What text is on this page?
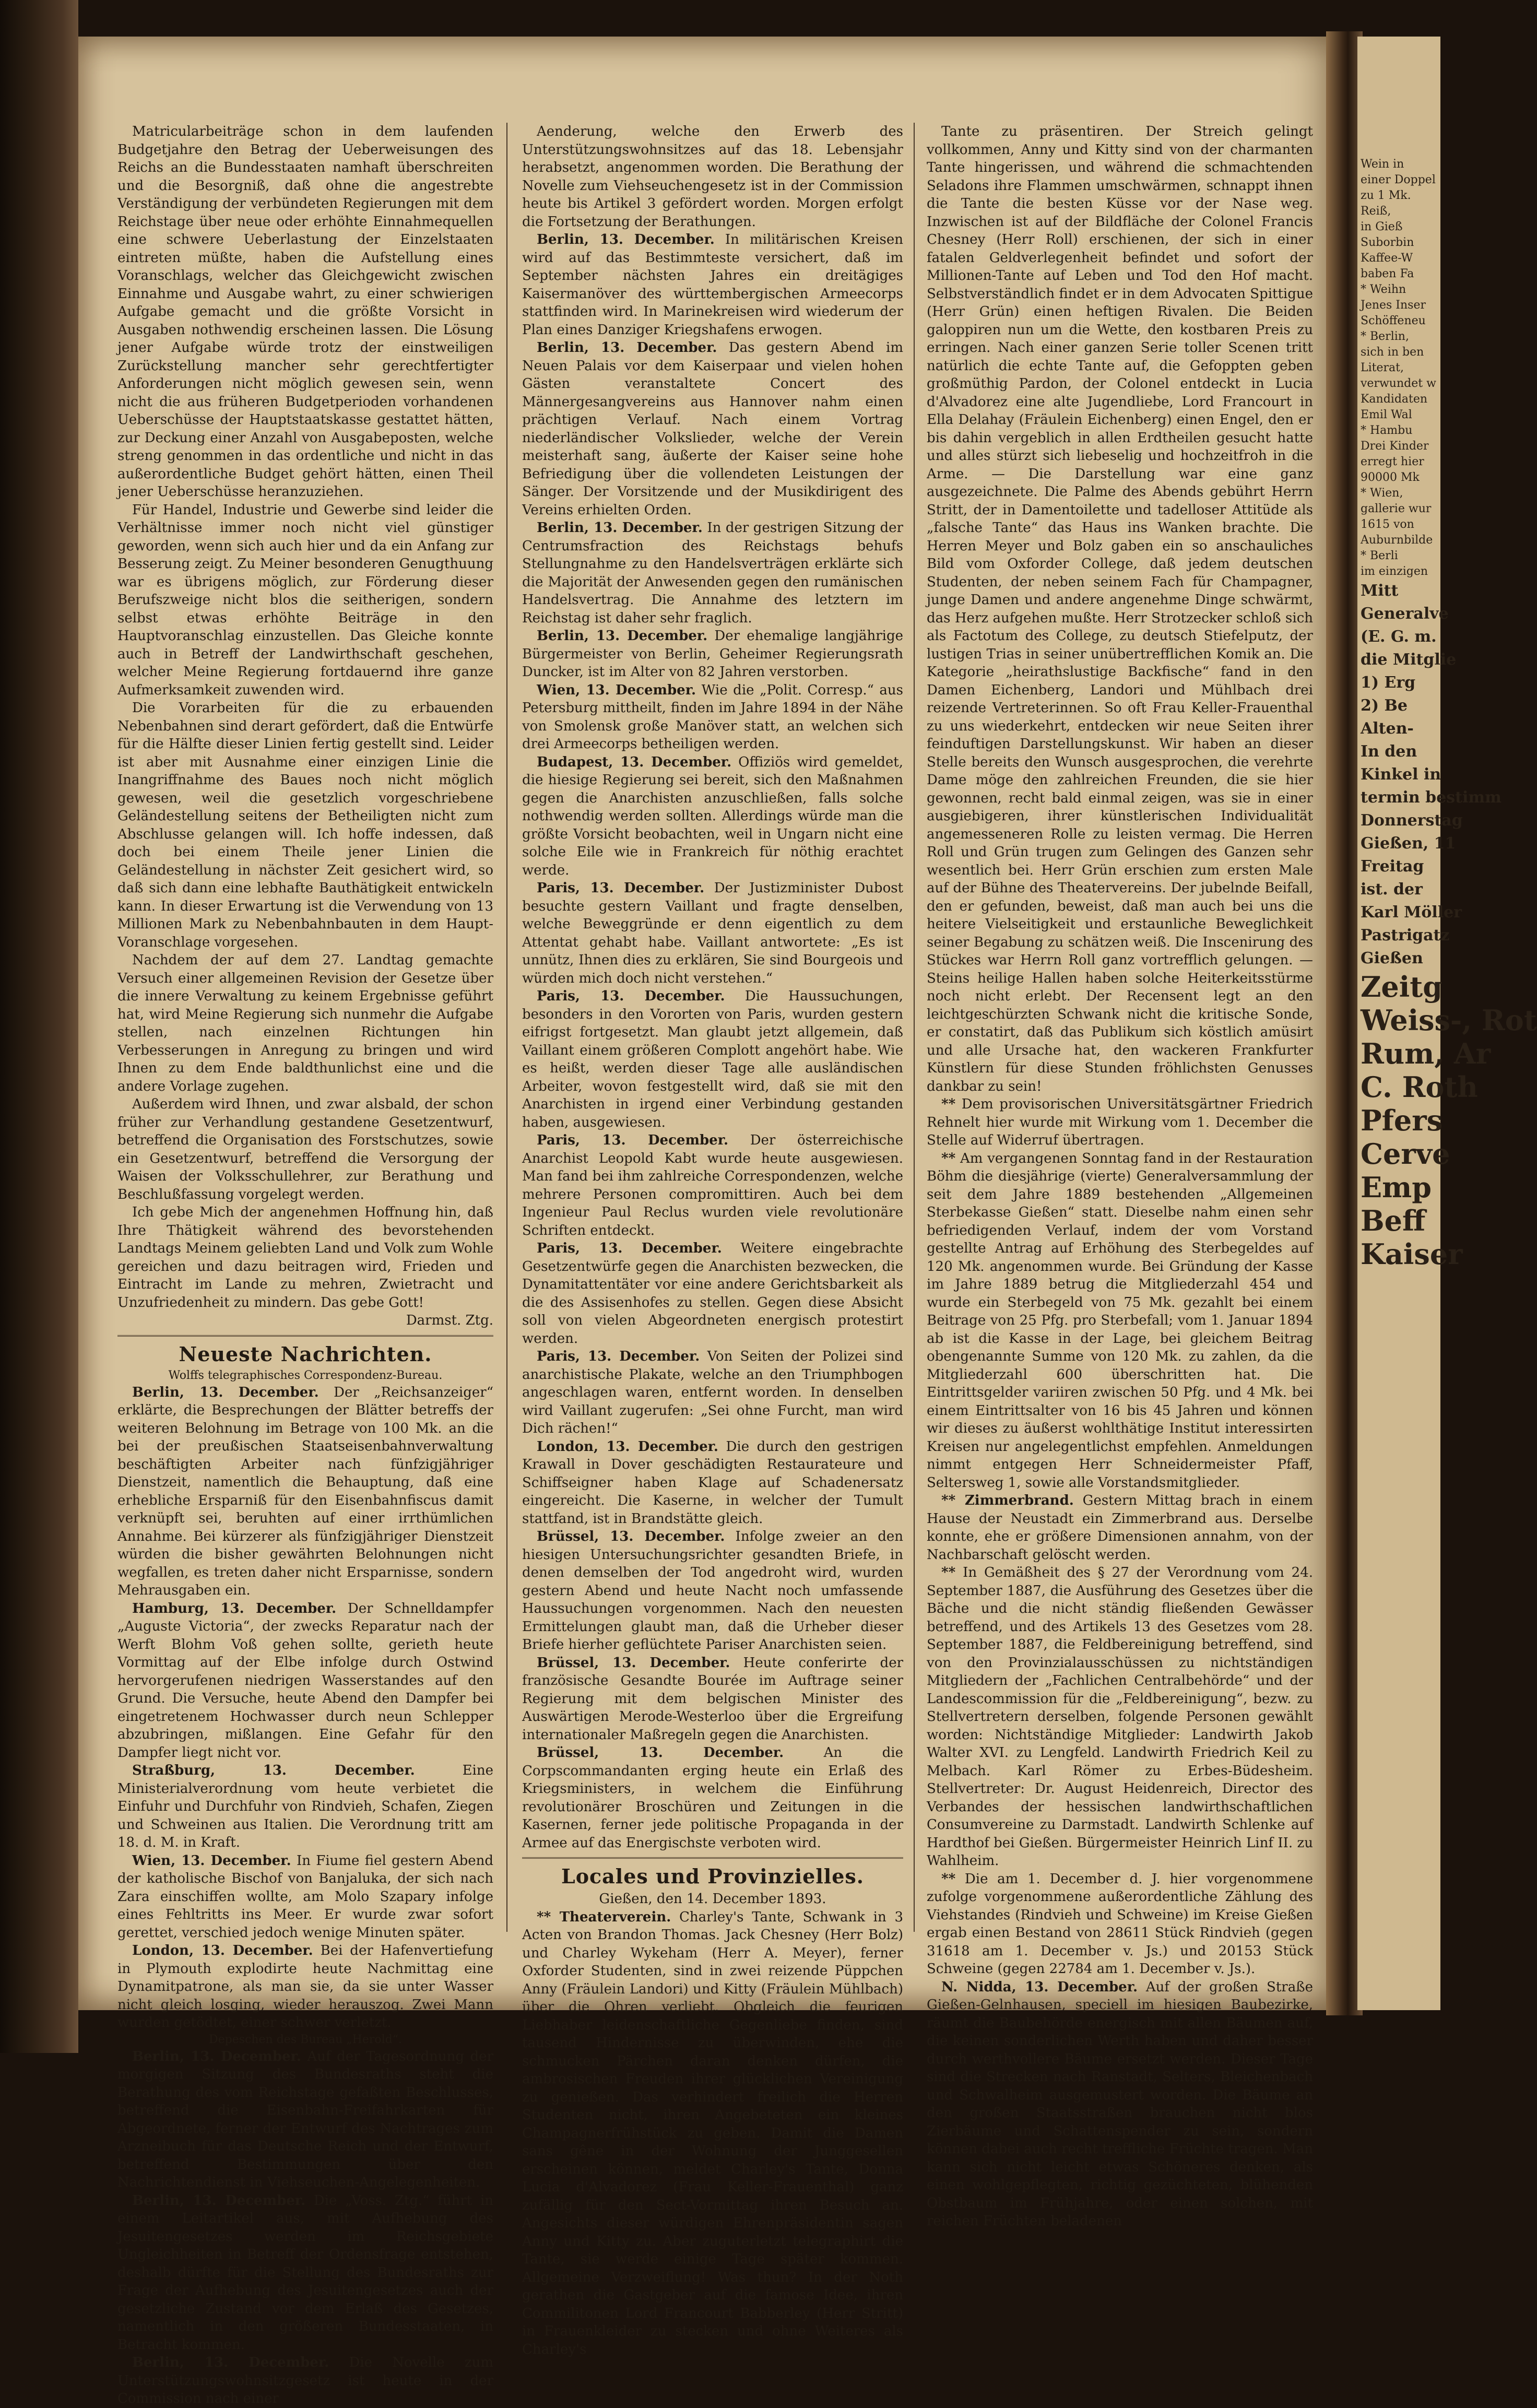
Matricularbeiträge schon in dem laufenden Budgetjahre den Betrag der Ueberweisungen des Reichs an die Bundesstaaten namhaft überschreiten und die Besorgniß, daß ohne die angestrebte Verständigung der verbündeten Regierungen mit dem Reichstage über neue oder erhöhte Einnahmequellen eine schwere Ueberlastung der Einzelstaaten eintreten müßte, haben die Aufstellung eines Voranschlags, welcher das Gleichgewicht zwischen Einnahme und Ausgabe wahrt, zu einer schwierigen Aufgabe gemacht und die größte Vorsicht in Ausgaben nothwendig erscheinen lassen. Die Lösung jener Aufgabe würde trotz der einstweiligen Zurückstellung mancher sehr gerechtfertigter Anforderungen nicht möglich gewesen sein, wenn nicht die aus früheren Budgetperioden vorhandenen Ueberschüsse der Hauptstaatskasse gestattet hätten, zur Deckung einer Anzahl von Ausgabeposten, welche streng genommen in das ordentliche und nicht in das außerordentliche Budget gehört hätten, einen Theil jener Ueberschüsse heranzuziehen.

Für Handel, Industrie und Gewerbe sind leider die Verhältnisse immer noch nicht viel günstiger geworden, wenn sich auch hier und da ein Anfang zur Besserung zeigt. Zu Meiner besonderen Genugthuung war es übrigens möglich, zur Förderung dieser Berufszweige nicht blos die seitherigen, sondern selbst etwas erhöhte Beiträge in den Hauptvoranschlag einzustellen. Das Gleiche konnte auch in Betreff der Landwirthschaft geschehen, welcher Meine Regierung fortdauernd ihre ganze Aufmerksamkeit zuwenden wird.

Die Vorarbeiten für die zu erbauenden Nebenbahnen sind derart gefördert, daß die Entwürfe für die Hälfte dieser Linien fertig gestellt sind. Leider ist aber mit Ausnahme einer einzigen Linie die Inangriffnahme des Baues noch nicht möglich gewesen, weil die gesetzlich vorgeschriebene Geländestellung seitens der Betheiligten nicht zum Abschlusse gelangen will. Ich hoffe indessen, daß doch bei einem Theile jener Linien die Geländestellung in nächster Zeit gesichert wird, so daß sich dann eine lebhafte Bauthätigkeit entwickeln kann. In dieser Erwartung ist die Verwendung von 13 Millionen Mark zu Nebenbahnbauten in dem Haupt-Voranschlage vorgesehen.

Nachdem der auf dem 27. Landtag gemachte Versuch einer allgemeinen Revision der Gesetze über die innere Verwaltung zu keinem Ergebnisse geführt hat, wird Meine Regierung sich nunmehr die Aufgabe stellen, nach einzelnen Richtungen hin Verbesserungen in Anregung zu bringen und wird Ihnen zu dem Ende baldthunlichst eine und die andere Vorlage zugehen.

Außerdem wird Ihnen, und zwar alsbald, der schon früher zur Verhandlung gestandene Gesetzentwurf, betreffend die Organisation des Forstschutzes, sowie ein Gesetzentwurf, betreffend die Versorgung der Waisen der Volksschullehrer, zur Berathung und Beschlußfassung vorgelegt werden.

Ich gebe Mich der angenehmen Hoffnung hin, daß Ihre Thätigkeit während des bevorstehenden Landtags Meinem geliebten Land und Volk zum Wohle gereichen und dazu beitragen wird, Frieden und Eintracht im Lande zu mehren, Zwietracht und Unzufriedenheit zu mindern. Das gebe Gott!

Darmst. Ztg.

Neueste Nachrichten.
Wolffs telegraphisches Correspondenz-Bureau.

Berlin, 13. December. Der „Reichsanzeiger“ erklärte, die Besprechungen der Blätter betreffs der weiteren Belohnung im Betrage von 100 Mk. an die bei der preußischen Staatseisenbahnverwaltung beschäftigten Arbeiter nach fünfzigjähriger Dienstzeit, namentlich die Behauptung, daß eine erhebliche Ersparniß für den Eisenbahnfiscus damit verknüpft sei, beruhten auf einer irrthümlichen Annahme. Bei kürzerer als fünfzigjähriger Dienstzeit würden die bisher gewährten Belohnungen nicht wegfallen, es treten daher nicht Ersparnisse, sondern Mehrausgaben ein.

Hamburg, 13. December. Der Schnelldampfer „Auguste Victoria“, der zwecks Reparatur nach der Werft Blohm Voß gehen sollte, gerieth heute Vormittag auf der Elbe infolge durch Ostwind hervorgerufenen niedrigen Wasserstandes auf den Grund. Die Versuche, heute Abend den Dampfer bei eingetretenem Hochwasser durch neun Schlepper abzubringen, mißlangen. Eine Gefahr für den Dampfer liegt nicht vor.

Straßburg, 13. December.	Eine Ministerialverordnung vom heute verbietet die Einfuhr und Durchfuhr von Rindvieh, Schafen, Ziegen und Schweinen aus Italien. Die Verordnung tritt am 18. d. M. in Kraft.

Wien, 13. December. In Fiume fiel gestern Abend der katholische Bischof von Banjaluka, der sich nach Zara einschiffen wollte, am Molo Szapary infolge eines Fehltritts ins Meer. Er wurde zwar sofort gerettet, verschied jedoch wenige Minuten später.

London, 13. December. Bei der Hafenvertiefung in Plymouth explodirte heute Nachmittag eine Dynamitpatrone, als man sie, da sie unter Wasser nicht gleich losging, wieder herauszog. Zwei Mann wurden getödtet, einer schwer verletzt.

Depeschen des Bureau „Herold“.

Berlin, 13. December. Auf der Tagesordnung der morgigen Sitzung des Bundesraths steht die Berathung des vom Reichstage gefaßten Beschlusses, betreffend die Eisenbahn-Freifahrkarten für Abgeordnete, ferner der Entwurf des Nachtrages zum Arzneibuch für das Deutsche Reich und der Entwurf, betreffend Bestimmungen über den Nachrichtendienst in Viehseuchen-Angelegenheiten.

Berlin, 13. December. Die „Voss. Ztg.“ führt in einem Leitartikel aus, mit Aufhebung des Jesuitengesetzes werden im Reichsgebiete Ungleichheiten in Betreff der Ordensfrage entstehen, deshalb dürfte für die Stellung des Bundesraths zur Frage der Aufhebung des Jesuitengesetzes auch der gesetzliche Zustand vor dem Erlaß des Gesetzes, namentlich in den größeren Bundesstaaten, in Betracht kommen.

Berlin, 13. December. Die Novelle zum Unterstützungswohnsitzgesetz ist heute in der Commission nach einer

Aenderung, welche den Erwerb des Unterstützungswohnsitzes auf das 18. Lebensjahr herabsetzt, angenommen worden. Die Berathung der Novelle zum Viehseuchengesetz ist in der Commission heute bis Artikel 3 gefördert worden. Morgen erfolgt die Fortsetzung der Berathungen.

Berlin, 13. December. In militärischen Kreisen wird auf das Bestimmteste versichert, daß im September nächsten Jahres ein dreitägiges Kaisermanöver des württembergischen Armeecorps stattfinden wird. In Marinekreisen wird wiederum der Plan eines Danziger Kriegshafens erwogen.

Berlin, 13. December. Das gestern Abend im Neuen Palais vor dem Kaiserpaar und vielen hohen Gästen veranstaltete Concert des Männergesangvereins aus Hannover nahm einen prächtigen Verlauf. Nach einem Vortrag niederländischer Volkslieder, welche der Verein meisterhaft sang, äußerte der Kaiser seine hohe Befriedigung über die vollendeten Leistungen der Sänger. Der Vorsitzende und der Musikdirigent des Vereins erhielten Orden.

Berlin, 13. December. In der gestrigen Sitzung der Centrumsfraction des Reichstags behufs Stellungnahme zu den Handelsverträgen erklärte sich die Majorität der Anwesenden gegen den rumänischen Handelsvertrag. Die Annahme des letztern im Reichstag ist daher sehr fraglich.

Berlin, 13. December. Der ehemalige langjährige Bürgermeister von Berlin, Geheimer Regierungsrath Duncker, ist im Alter von 82 Jahren verstorben.

Wien, 13. December. Wie die „Polit. Corresp.“ aus Petersburg mittheilt, finden im Jahre 1894 in der Nähe von Smolensk große Manöver statt, an welchen sich drei Armeecorps betheiligen werden.

Budapest, 13. December. Offiziös wird gemeldet, die hiesige Regierung sei bereit, sich den Maßnahmen gegen die Anarchisten anzuschließen, falls solche nothwendig werden sollten. Allerdings würde man die größte Vorsicht beobachten, weil in Ungarn nicht eine solche Eile wie in Frankreich für nöthig erachtet werde.

Paris, 13. December. Der Justizminister Dubost besuchte gestern Vaillant und fragte denselben, welche Beweggründe er denn eigentlich zu dem Attentat gehabt habe. Vaillant antwortete: „Es ist unnütz, Ihnen dies zu erklären, Sie sind Bourgeois und würden mich doch nicht verstehen.“

Paris, 13. December. Die Haussuchungen, besonders in den Vororten von Paris, wurden gestern eifrigst fortgesetzt. Man glaubt jetzt allgemein, daß Vaillant einem größeren Complott angehört habe. Wie es heißt, werden dieser Tage alle ausländischen Arbeiter, wovon festgestellt wird, daß sie mit den Anarchisten in irgend einer Verbindung gestanden haben, ausgewiesen.

Paris, 13. December. Der österreichische Anarchist Leopold Kabt wurde heute ausgewiesen. Man fand bei ihm zahlreiche Correspondenzen, welche mehrere Personen compromittiren. Auch bei dem Ingenieur Paul Reclus wurden viele revolutionäre Schriften entdeckt.

Paris, 13. December. Weitere eingebrachte Gesetzentwürfe gegen die Anarchisten bezwecken, die Dynamitattentäter vor eine andere Gerichtsbarkeit als die des Assisenhofes zu stellen. Gegen diese Absicht soll von vielen Abgeordneten energisch protestirt werden.

Paris, 13. December. Von Seiten der Polizei sind anarchistische Plakate, welche an den Triumphbogen angeschlagen waren, entfernt worden. In denselben wird Vaillant zugerufen: „Sei ohne Furcht, man wird Dich rächen!“

London, 13. December. Die durch den gestrigen Krawall in Dover geschädigten Restaurateure und Schiffseigner haben Klage auf Schadenersatz eingereicht. Die Kaserne, in welcher der Tumult stattfand, ist in Brandstätte gleich.

Brüssel, 13. December. Infolge zweier an den hiesigen Untersuchungsrichter gesandten Briefe, in denen demselben der Tod angedroht wird, wurden gestern Abend und heute Nacht noch umfassende Haussuchungen vorgenommen. Nach den neuesten Ermittelungen glaubt man, daß die Urheber dieser Briefe hierher geflüchtete Pariser Anarchisten seien.

Brüssel, 13. December. Heute conferirte der französische Gesandte Bourée im Auftrage seiner Regierung mit dem belgischen Minister des Auswärtigen Merode-Westerloo über die Ergreifung internationaler Maßregeln gegen die Anarchisten.

Brüssel, 13. December.	An die Corpscommandanten erging heute ein Erlaß des Kriegsministers, in welchem die Einführung revolutionärer Broschüren und Zeitungen in die Kasernen, ferner jede politische Propaganda in der Armee auf das Energischste verboten wird.

Locales und Provinzielles.
Gießen, den 14. December 1893.

** Theaterverein. Charley's Tante, Schwank in 3 Acten von Brandon Thomas. Jack Chesney (Herr Bolz) und Charley Wykeham (Herr A. Meyer), ferner Oxforder Studenten, sind in zwei reizende Püppchen Anny (Fräulein Landori) und Kitty (Fräulein Mühlbach) über die Ohren verliebt. Obgleich die feurigen Liebhaber leidenschaftliche Gegenliebe finden, sind tausend Hindernisse zu überwinden, ehe die schmucken Pärchen daran denken dürfen, die ambrosischen Freuden ihrer glücklichen Vereinigung zu genießen. Das verhindert freilich die Herren Studenten nicht, ihren Angebeteten ein kleines Champagnerfrühstück zu geben. Damit die Damen sans gêne in der Wohnung der Junggesellen erscheinen können, meldet Charley's Tante, Donna Lucia d'Alvadorez (Frau Keller-Frauenthal) ganz zufällig für den Sect-Vormittag ihren Besuch an. Angesichts dieser würdigen Ehrenpräsidentin sagen Anny und Kitty zu. Aber zuguterletzt telegraphirt die Tante, sie werde einige Tage später kommen. Allgemeine Verzweiflung! Was thun? In der Noth gerathen die Gastgeber auf die famose Idee, ihren Commilitonen Lord Francourt Babberley (Herr Stritt) in Frauenkleider zu stecken und ohne Weiteres als Charley's

Tante zu präsentiren. Der Streich gelingt vollkommen, Anny und Kitty sind von der charmanten Tante hingerissen, und während die schmachtenden Seladons ihre Flammen umschwärmen, schnappt ihnen die Tante die besten Küsse vor der Nase weg. Inzwischen ist auf der Bildfläche der Colonel Francis Chesney (Herr Roll) erschienen, der sich in einer fatalen Geldverlegenheit befindet und sofort der Millionen-Tante auf Leben und Tod den Hof macht. Selbstverständlich findet er in dem Advocaten Spittigue (Herr Grün) einen heftigen Rivalen. Die Beiden galoppiren nun um die Wette, den kostbaren Preis zu erringen. Nach einer ganzen Serie toller Scenen tritt natürlich die echte Tante auf, die Gefoppten geben großmüthig Pardon, der Colonel entdeckt in Lucia d'Alvadorez eine alte Jugendliebe, Lord Francourt in Ella Delahay (Fräulein Eichenberg) einen Engel, den er bis dahin vergeblich in allen Erdtheilen gesucht hatte und alles stürzt sich liebeselig und hochzeitfroh in die Arme. — Die Darstellung war eine ganz ausgezeichnete. Die Palme des Abends gebührt Herrn Stritt, der in Damentoilette und tadelloser Attitüde als „falsche Tante“ das Haus ins Wanken brachte. Die Herren Meyer und Bolz gaben ein so anschauliches Bild vom Oxforder College, daß jedem deutschen Studenten, der neben seinem Fach für Champagner, junge Damen und andere angenehme Dinge schwärmt, das Herz aufgehen mußte. Herr Strotzecker schloß sich als Factotum des College, zu deutsch Stiefelputz, der lustigen Trias in seiner unübertrefflichen Komik an. Die Kategorie „heirathslustige Backfische“ fand in den Damen Eichenberg, Landori und Mühlbach drei reizende Vertreterinnen. So oft Frau Keller-Frauenthal zu uns wiederkehrt, entdecken wir neue Seiten ihrer feinduftigen Darstellungskunst. Wir haben an dieser Stelle bereits den Wunsch ausgesprochen, die verehrte Dame möge den zahlreichen Freunden, die sie hier gewonnen, recht bald einmal zeigen, was sie in einer ausgiebigeren, ihrer künstlerischen Individualität angemesseneren Rolle zu leisten vermag. Die Herren Roll und Grün trugen zum Gelingen des Ganzen sehr wesentlich bei. Herr Grün erschien zum ersten Male auf der Bühne des Theatervereins. Der jubelnde Beifall, den er gefunden, beweist, daß man auch bei uns die heitere Vielseitigkeit und erstaunliche Beweglichkeit seiner Begabung zu schätzen weiß. Die Inscenirung des Stückes war Herrn Roll ganz vortrefflich gelungen. — Steins heilige Hallen haben solche Heiterkeitsstürme noch nicht erlebt. Der Recensent legt an den leichtgeschürzten Schwank nicht die kritische Sonde, er constatirt, daß das Publikum sich köstlich amüsirt und alle Ursache hat, den wackeren Frankfurter Künstlern für diese Stunden fröhlichsten Genusses dankbar zu sein!

** Dem provisorischen Universitätsgärtner Friedrich Rehnelt hier wurde mit Wirkung vom 1. December die Stelle auf Widerruf übertragen.

** Am vergangenen Sonntag fand in der Restauration Böhm die diesjährige (vierte) Generalversammlung der seit dem Jahre 1889 bestehenden „Allgemeinen Sterbekasse Gießen“ statt. Dieselbe nahm einen sehr befriedigenden Verlauf, indem der vom Vorstand gestellte Antrag auf Erhöhung des Sterbegeldes auf 120 Mk. angenommen wurde. Bei Gründung der Kasse im Jahre 1889 betrug die Mitgliederzahl 454 und wurde ein Sterbegeld von 75 Mk. gezahlt bei einem Beitrage von 25 Pfg. pro Sterbefall; vom 1. Januar 1894 ab ist die Kasse in der Lage, bei gleichem Beitrag obengenannte Summe von 120 Mk. zu zahlen, da die Mitgliederzahl 600 überschritten hat. Die Eintrittsgelder variiren zwischen 50 Pfg. und 4 Mk. bei einem Eintrittsalter von 16 bis 45 Jahren und können wir dieses zu äußerst wohlthätige Institut interessirten Kreisen nur angelegentlichst empfehlen. Anmeldungen nimmt entgegen Herr Schneidermeister Pfaff, Seltersweg 1, sowie alle Vorstandsmitglieder.

** Zimmerbrand. Gestern Mittag brach in einem Hause der Neustadt ein Zimmerbrand aus. Derselbe konnte, ehe er größere Dimensionen annahm, von der Nachbarschaft gelöscht werden.

** In Gemäßheit des § 27 der Verordnung vom 24. September 1887, die Ausführung des Gesetzes über die Bäche und die nicht ständig fließenden Gewässer betreffend, und des Artikels 13 des Gesetzes vom 28. September 1887, die Feldbereinigung betreffend, sind von den Provinzialausschüssen zu nichtständigen Mitgliedern der „Fachlichen Centralbehörde“ und der Landescommission für die „Feldbereinigung“, bezw. zu Stellvertretern derselben, folgende Personen gewählt worden: Nichtständige Mitglieder: Landwirth Jakob Walter XVI. zu Lengfeld. Landwirth Friedrich Keil zu Melbach. Karl Römer zu Erbes-Büdesheim. Stellvertreter: Dr. August Heidenreich, Director des Verbandes der hessischen landwirthschaftlichen Consumvereine zu Darmstadt. Landwirth Schlenke auf Hardthof bei Gießen. Bürgermeister Heinrich Linf II. zu Wahlheim.

** Die am 1. December d. J. hier vorgenommene zufolge vorgenommene außerordentliche Zählung des Viehstandes (Rindvieh und Schweine) im Kreise Gießen ergab einen Bestand von 28611 Stück Rindvieh (gegen 31618 am 1. December v. Js.) und 20153 Stück Schweine (gegen 22784 am 1. December v. Js.).

N. Nidda, 13. December. Auf der großen Straße Gießen-Gelnhausen, speciell im hiesigen Baubezirke, räumt die Baubehörde energisch mit allen Bäumen auf, die keinen sonderlichen Werth haben und daher besser durch werthvollere Bäume ersetzt werden. Dieser Tage sind die Strecken nach Ranstadt, Selters, Bleichenbach und Schwalheim ausgemustert worden. Die Bäume an den großen Staatsstraßen brauchen nicht blos Zierbäume und Schattenspender zu sein, sondern können dabei auch recht treffliche Früchte tragen. Man kann sich nicht leicht etwas Schöneres denken, als einen wohlgepflegten, richtig gezüchteten, blühenden Obstbaum im Frühjahre, oder einen solchen, mit reichen Früchten beladenen

Wein in
einer Doppel
zu 1 Mk.
Reiß,
in Gieß
Suborbin
Kaffee-W
baben Fa
* Weihn
Jenes Inser
Schöffeneu
* Berlin,
sich in ben
Literat,
verwundet w
Kandidaten
Emil Wal
* Hambu
Drei Kinder
erregt hier
90000 Mk
* Wien,
gallerie wur
1615 von
Auburnbilde
* Berli
im einzigen
Mitt
Generalve
(E. G. m.
die Mitglie
1) Erg
2) Be
Alten-
In den
Kinkel in
termin bestimm
Donnerstag
Gießen, 11
Freitag
ist. der
Karl Möller
Pastrigatz
Gießen
Zeitg
Weiss-, Rot
Rum, Ar
C. Roth
Pfers
Cerve
Emp
Beff
Kaiser
